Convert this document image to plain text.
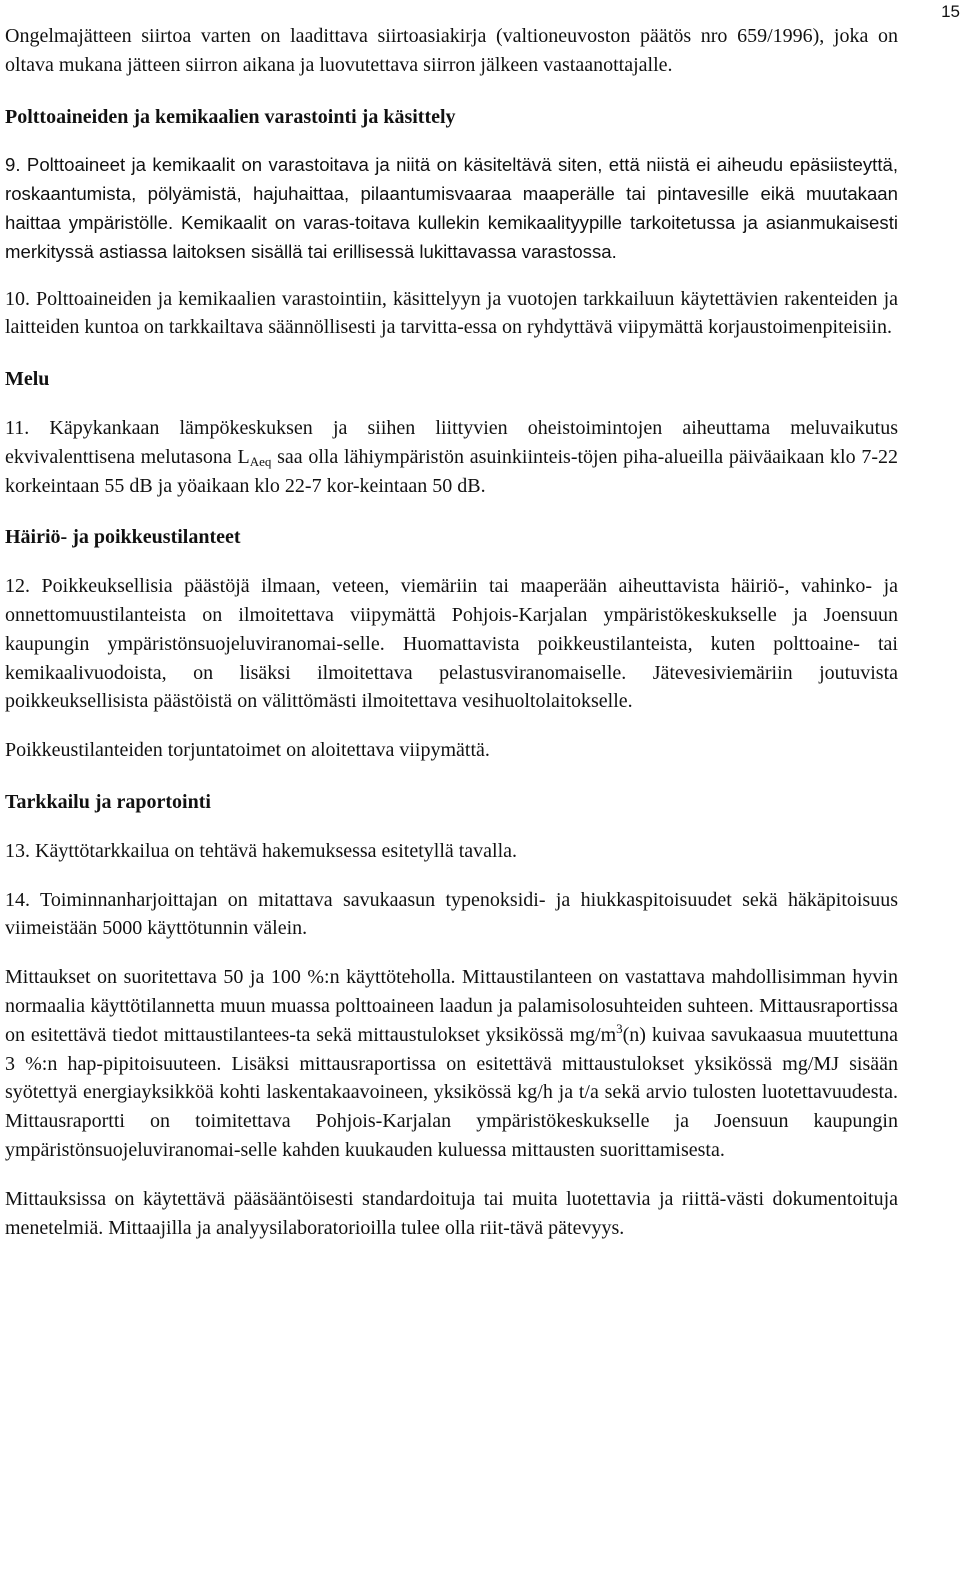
15

Ongelmajätteen siirtoa varten on laadittava siirtoasiakirja (valtioneuvoston päätös nro 659/1996), joka on oltava mukana jätteen siirron aikana ja luovutettava siirron jälkeen vastaanottajalle.

Polttoaineiden ja kemikaalien varastointi ja käsittely

9. Polttoaineet ja kemikaalit on varastoitava ja niitä on käsiteltävä siten, että niistä ei aiheudu epäsiisteyttä, roskaantumista, pölyämistä, hajuhaittaa, pilaantumisvaaraa maaperälle tai pintavesille eikä muutakaan haittaa ympäristölle. Kemikaalit on varas-toitava kullekin kemikaalityypille tarkoitetussa ja asianmukaisesti merkityssä astiassa laitoksen sisällä tai erillisessä lukittavassa varastossa.

10. Polttoaineiden ja kemikaalien varastointiin, käsittelyyn ja vuotojen tarkkailuun käytettävien rakenteiden ja laitteiden kuntoa on tarkkailtava säännöllisesti ja tarvitta-essa on ryhdyttävä viipymättä korjaustoimenpiteisiin.

Melu

11. Käpykankaan lämpökeskuksen ja siihen liittyvien oheistoimintojen aiheuttama meluvaikutus ekvivalenttisena melutasona $L_{Aeq}$ saa olla lähiympäristön asuinkiinteis-töjen piha-alueilla päiväaikaan klo 7-22 korkeintaan 55 dB ja yöaikaan klo 22-7 kor-keintaan 50 dB.

Häiriö- ja poikkeustilanteet

12. Poikkeuksellisia päästöjä ilmaan, veteen, viemäriin tai maaperään aiheuttavista häiriö-, vahinko- ja onnettomuustilanteista on ilmoitettava viipymättä Pohjois-Karjalan ympäristökeskukselle ja Joensuun kaupungin ympäristönsuojeluviranomai-selle. Huomattavista poikkeustilanteista, kuten polttoaine- tai kemikaalivuodoista, on lisäksi ilmoitettava pelastusviranomaiselle. Jätevesiviemäriin joutuvista poikkeuksellisista päästöistä on välittömästi ilmoitettava vesihuoltolaitokselle.

Poikkeustilanteiden torjuntatoimet on aloitettava viipymättä.

Tarkkailu ja raportointi

13. Käyttötarkkailua on tehtävä hakemuksessa esitetyllä tavalla.

14. Toiminnanharjoittajan on mitattava savukaasun typenoksidi- ja hiukkaspitoisuudet sekä häkäpitoisuus viimeistään 5000 käyttötunnin välein.

Mittaukset on suoritettava 50 ja 100 %:n käyttöteholla. Mittaustilanteen on vastattava mahdollisimman hyvin normaalia käyttötilannetta muun muassa polttoaineen laadun ja palamisolosuhteiden suhteen. Mittausraportissa on esitettävä tiedot mittaustilantees-ta sekä mittaustulokset yksikössä $mg/m^3(n)$ kuivaa savukaasua muutettuna 3 %:n hap-pipitoisuuteen. Lisäksi mittausraportissa on esitettävä mittaustulokset yksikössä mg/MJ sisään syötettyä energiayksikköä kohti laskentakaavoineen, yksikössä kg/h ja t/a sekä arvio tulosten luotettavuudesta. Mittausraportti on toimitettava Pohjois-Karjalan ympäristökeskukselle ja Joensuun kaupungin ympäristönsuojeluviranomai-selle kahden kuukauden kuluessa mittausten suorittamisesta.

Mittauksissa on käytettävä pääsääntöisesti standardoituja tai muita luotettavia ja riittä-västi dokumentoituja menetelmiä. Mittaajilla ja analyysilaboratorioilla tulee olla riit-tävä pätevyys.
